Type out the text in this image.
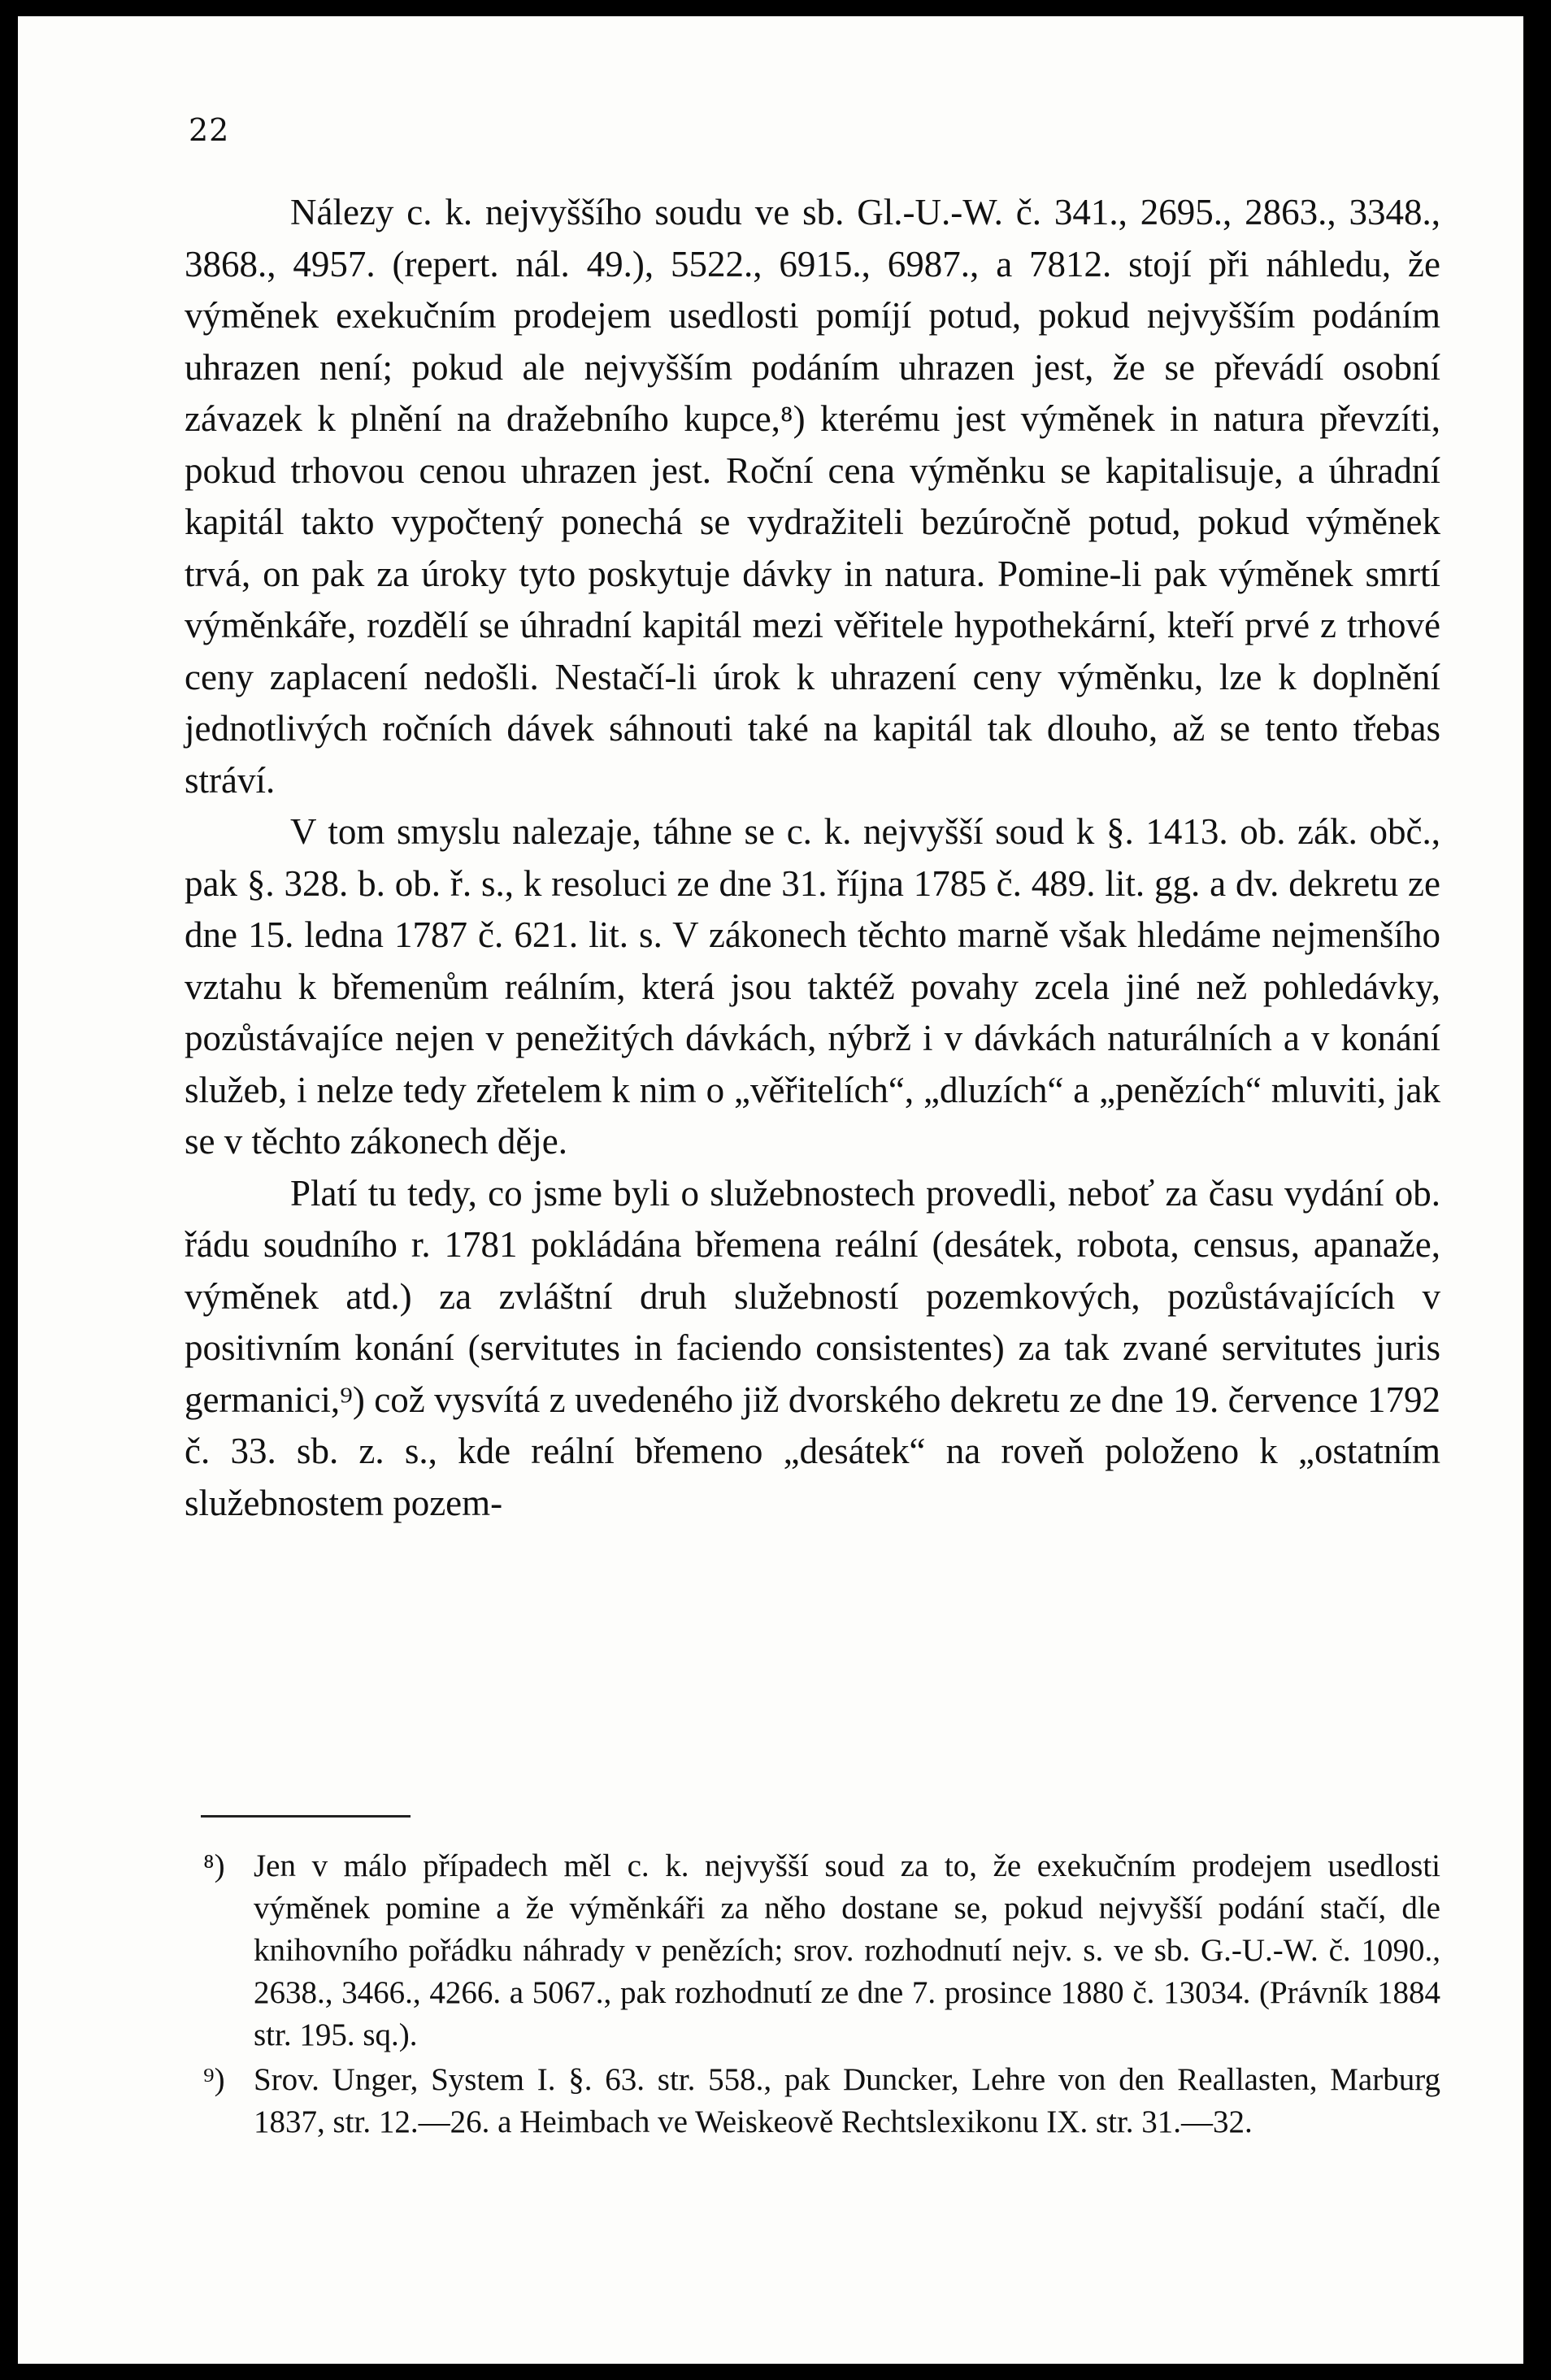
22

Nálezy c. k. nejvyššího soudu ve sb. Gl.-U.-W. č. 341., 2695., 2863., 3348., 3868., 4957. (repert. nál. 49.), 5522., 6915., 6987., a 7812. stojí při náhledu, že výměnek exekučním prodejem usedlosti pomíjí potud, pokud nejvyšším podáním uhrazen není; pokud ale nejvyšším podáním uhrazen jest, že se převádí osobní závazek k plnění na dražebního kupce,⁸) kterému jest výměnek in natura převzíti, pokud trhovou cenou uhrazen jest. Roční cena výměnku se kapitalisuje, a úhradní kapitál takto vypočtený ponechá se vydražiteli bezúročně potud, pokud výměnek trvá, on pak za úroky tyto poskytuje dávky in natura. Pomine-li pak výměnek smrtí výměnkáře, rozdělí se úhradní kapitál mezi věřitele hypothekární, kteří prvé z trhové ceny zaplacení nedošli. Nestačí-li úrok k uhrazení ceny výměnku, lze k doplnění jednotlivých ročních dávek sáhnouti také na kapitál tak dlouho, až se tento třebas stráví.

V tom smyslu nalezaje, táhne se c. k. nejvyšší soud k §. 1413. ob. zák. obč., pak §. 328. b. ob. ř. s., k resoluci ze dne 31. října 1785 č. 489. lit. gg. a dv. dekretu ze dne 15. ledna 1787 č. 621. lit. s. V zákonech těchto marně však hledáme nejmenšího vztahu k břemenům reálním, která jsou taktéž povahy zcela jiné než pohledávky, pozůstávajíce nejen v penežitých dávkách, nýbrž i v dávkách naturálních a v konání služeb, i nelze tedy zřetelem k nim o „věřitelích“, „dluzích“ a „penězích“ mluviti, jak se v těchto zákonech děje.

Platí tu tedy, co jsme byli o služebnostech provedli, neboť za času vydání ob. řádu soudního r. 1781 pokládána břemena reální (desátek, robota, census, apanaže, výměnek atd.) za zvláštní druh služebností pozemkových, pozůstávajících v positivním konání (servitutes in faciendo consistentes) za tak zvané servitutes juris germanici,⁹) což vysvítá z uvedeného již dvorského dekretu ze dne 19. července 1792 č. 33. sb. z. s., kde reální břemeno „desátek“ na roveň položeno k „ostatním služebnostem pozem-

⁸) Jen v málo případech měl c. k. nejvyšší soud za to, že exekučním prodejem usedlosti výměnek pomine a že výměnkáři za něho dostane se, pokud nejvyšší podání stačí, dle knihovního pořádku náhrady v penězích; srov. rozhodnutí nejv. s. ve sb. G.-U.-W. č. 1090., 2638., 3466., 4266. a 5067., pak rozhodnutí ze dne 7. prosince 1880 č. 13034. (Právník 1884 str. 195. sq.).
⁹) Srov. Unger, System I. §. 63. str. 558., pak Duncker, Lehre von den Reallasten, Marburg 1837, str. 12.—26. a Heimbach ve Weiskeově Rechtslexikonu IX. str. 31.—32.
